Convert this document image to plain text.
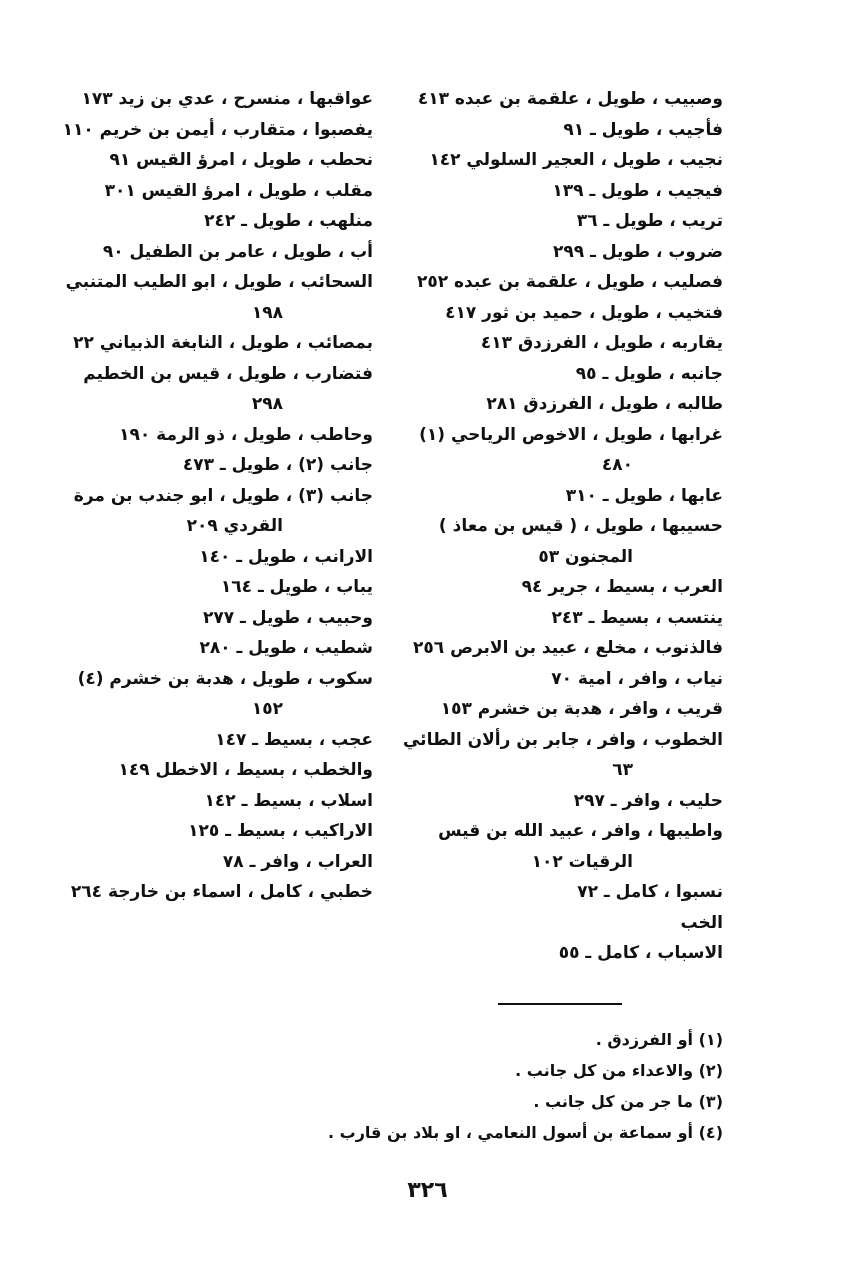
وصبيب ، طويل ، علقمة بن عبده ٤١٣
فأجيب ، طويل ـ ٩١
نجيب ، طويل ، العجير السلولي ١٤٢
فيجيب ، طويل ـ ١٣٩
تريب ، طويل ـ ٣٦
ضروب ، طويل ـ ٢٩٩
فصليب ، طويل ، علقمة بن عبده ٢٥٢
فتخيب ، طويل ، حميد بن ثور ٤١٧
يقاربه ، طويل ، الفرزدق ٤١٣
جانبه ، طويل ـ ٩٥
طالبه ، طويل ، الفرزدق ٢٨١
غرابها ، طويل ، الاخوص الرياحي (١)
٤٨٠
عابها ، طويل ـ ٣١٠
حسيبها ، طويل ، ( قيس بن معاذ )
المجنون ٥٣
العرب ، بسيط ، جرير ٩٤
ينتسب ، بسيط ـ ٢٤٣
فالذنوب ، مخلع ، عبيد بن الابرص ٢٥٦
نياب ، وافر ، امية ٧٠
قريب ، وافر ، هدبة بن خشرم ١٥٣
الخطوب ، وافر ، جابر بن رألان الطائي
٦٣
حليب ، وافر ـ ٢٩٧
واطيبها ، وافر ، عبيد الله بن قيس
الرقيات ١٠٢
نسبوا ، كامل ـ ٧٢
الخب
الاسباب ، كامل ـ ٥٥
عواقبها ، منسرح ، عدي بن زيد ١٧٣
يفصبوا ، متقارب ، أيمن بن خريم ١١٠
نحطب ، طويل ، امرؤ القيس ٩١
مقلب ، طويل ، امرؤ القيس ٣٠١
منلهب ، طويل ـ ٢٤٢
أب ، طويل ، عامر بن الطفيل ٩٠
السحائب ، طويل ، ابو الطيب المتنبي
١٩٨
بمصائب ، طويل ، النابغة الذبياني ٢٢
فتضارب ، طويل ، قيس بن الخطيم
٢٩٨
وحاطب ، طويل ، ذو الرمة ١٩٠
جانب (٢) ، طويل ـ ٤٧٣
جانب (٣) ، طويل ، ابو جندب بن مرة
القردي ٢٠٩
الارانب ، طويل ـ ١٤٠
يباب ، طويل ـ ١٦٤
وحبيب ، طويل ـ ٢٧٧
شطيب ، طويل ـ ٢٨٠
سكوب ، طويل ، هدبة بن خشرم (٤)
١٥٢
عجب ، بسيط ـ ١٤٧
والخطب ، بسيط ، الاخطل ١٤٩
اسلاب ، بسيط ـ ١٤٢
الاراكيب ، بسيط ـ ١٢٥
العراب ، وافر ـ ٧٨
خطبي ، كامل ، اسماء بن خارجة ٢٦٤
(١) أو الفرزدق .
(٢) والاعداء من كل جانب .
(٣) ما جر من كل جانب .
(٤) أو سماعة بن أسول النعامي ، او بلاد بن قارب .
٣٢٦
